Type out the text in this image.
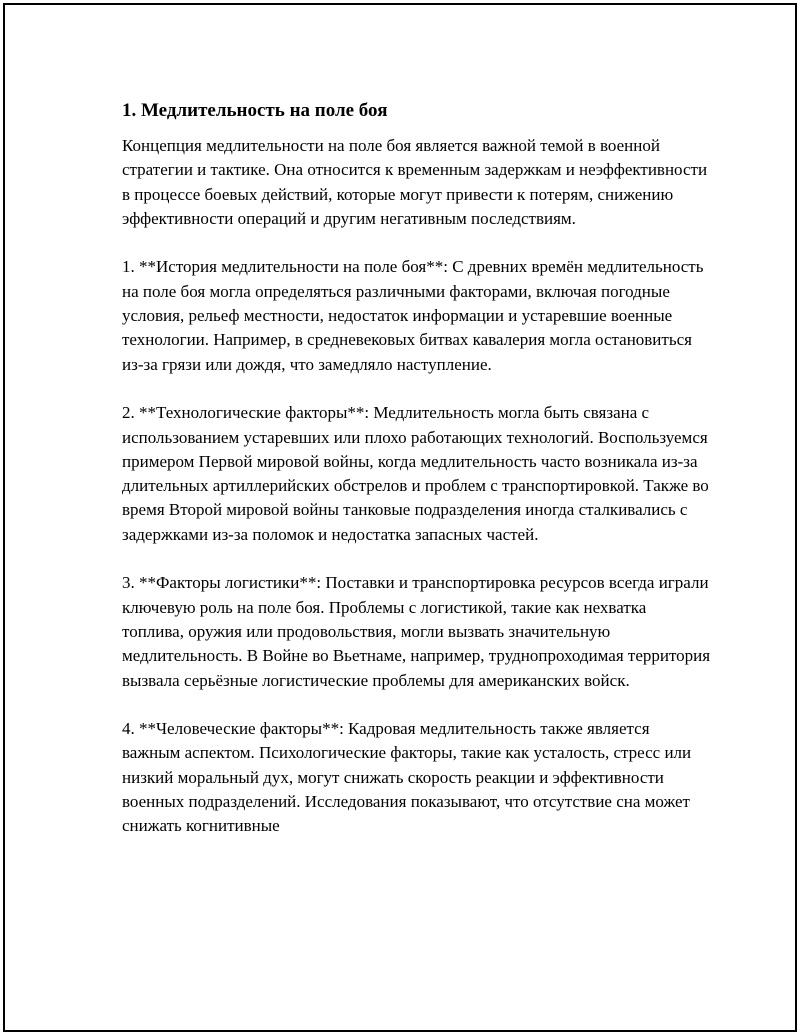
1. Медлительность на поле боя

Концепция медлительности на поле боя является важной темой в военной стратегии и тактике. Она относится к временным задержкам и неэффективности в процессе боевых действий, которые могут привести к потерям, снижению эффективности операций и другим негативным последствиям.

1. **История медлительности на поле боя**: С древних времён медлительность на поле боя могла определяться различными факторами, включая погодные условия, рельеф местности, недостаток информации и устаревшие военные технологии. Например, в средневековых битвах кавалерия могла остановиться из-за грязи или дождя, что замедляло наступление.

2. **Технологические факторы**: Медлительность могла быть связана с использованием устаревших или плохо работающих технологий. Воспользуемся примером Первой мировой войны, когда медлительность часто возникала из-за длительных артиллерийских обстрелов и проблем с транспортировкой. Также во время Второй мировой войны танковые подразделения иногда сталкивались с задержками из-за поломок и недостатка запасных частей.

3. **Факторы логистики**: Поставки и транспортировка ресурсов всегда играли ключевую роль на поле боя. Проблемы с логистикой, такие как нехватка топлива, оружия или продовольствия, могли вызвать значительную медлительность. В Войне во Вьетнаме, например, труднопроходимая территория вызвала серьёзные логистические проблемы для американских войск.

4. **Человеческие факторы**: Кадровая медлительность также является важным аспектом. Психологические факторы, такие как усталость, стресс или низкий моральный дух, могут снижать скорость реакции и эффективности военных подразделений. Исследования показывают, что отсутствие сна может снижать когнитивные
